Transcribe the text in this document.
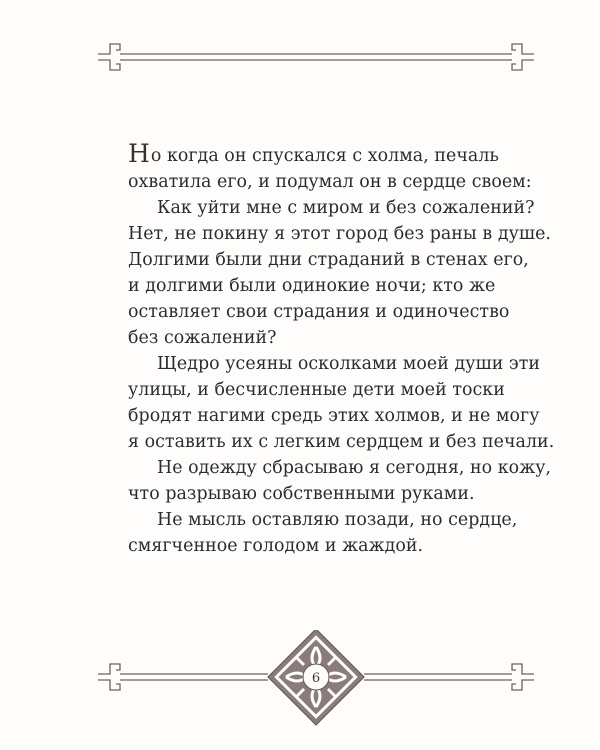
Но когда он спускался с холма, печаль
охватила его, и подумал он в сердце своем:

Как уйти мне с миром и без сожалений?
Нет, не покину я этот город без раны в душе.
Долгими были дни страданий в стенах его,
и долгими были одинокие ночи; кто же
оставляет свои страдания и одиночество
без сожалений?

Щедро усеяны осколками моей души эти
улицы, и бесчисленные дети моей тоски
бродят нагими средь этих холмов, и не могу
я оставить их с легким сердцем и без печали.

Не одежду сбрасываю я сегодня, но кожу,
что разрываю собственными руками.

Не мысль оставляю позади, но сердце,
смягченное голодом и жаждой.

6
